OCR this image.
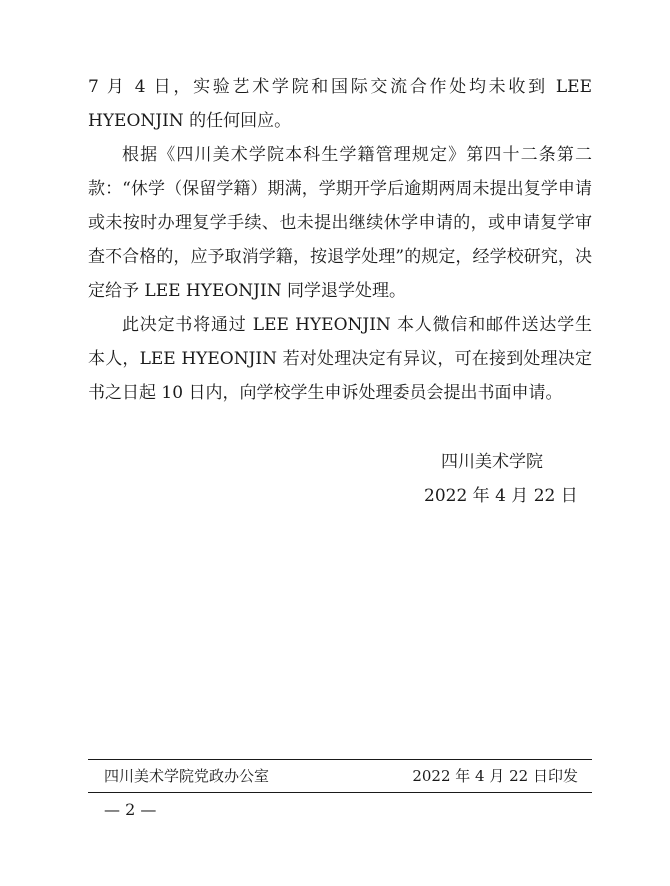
7 月 4 日，实验艺术学院和国际交流合作处均未收到 LEE HYEONJIN 的任何回应。

根据《四川美术学院本科生学籍管理规定》第四十二条第二款：“休学（保留学籍）期满，学期开学后逾期两周未提出复学申请或未按时办理复学手续、也未提出继续休学申请的，或申请复学审查不合格的，应予取消学籍，按退学处理”的规定，经学校研究，决定给予 LEE HYEONJIN 同学退学处理。

此决定书将通过 LEE HYEONJIN 本人微信和邮件送达学生本人，LEE HYEONJIN 若对处理决定有异议，可在接到处理决定书之日起 10 日内，向学校学生申诉处理委员会提出书面申请。

四川美术学院

2022 年 4 月 22 日

四川美术学院党政办公室	2022 年 4 月 22 日印发
— 2 —
